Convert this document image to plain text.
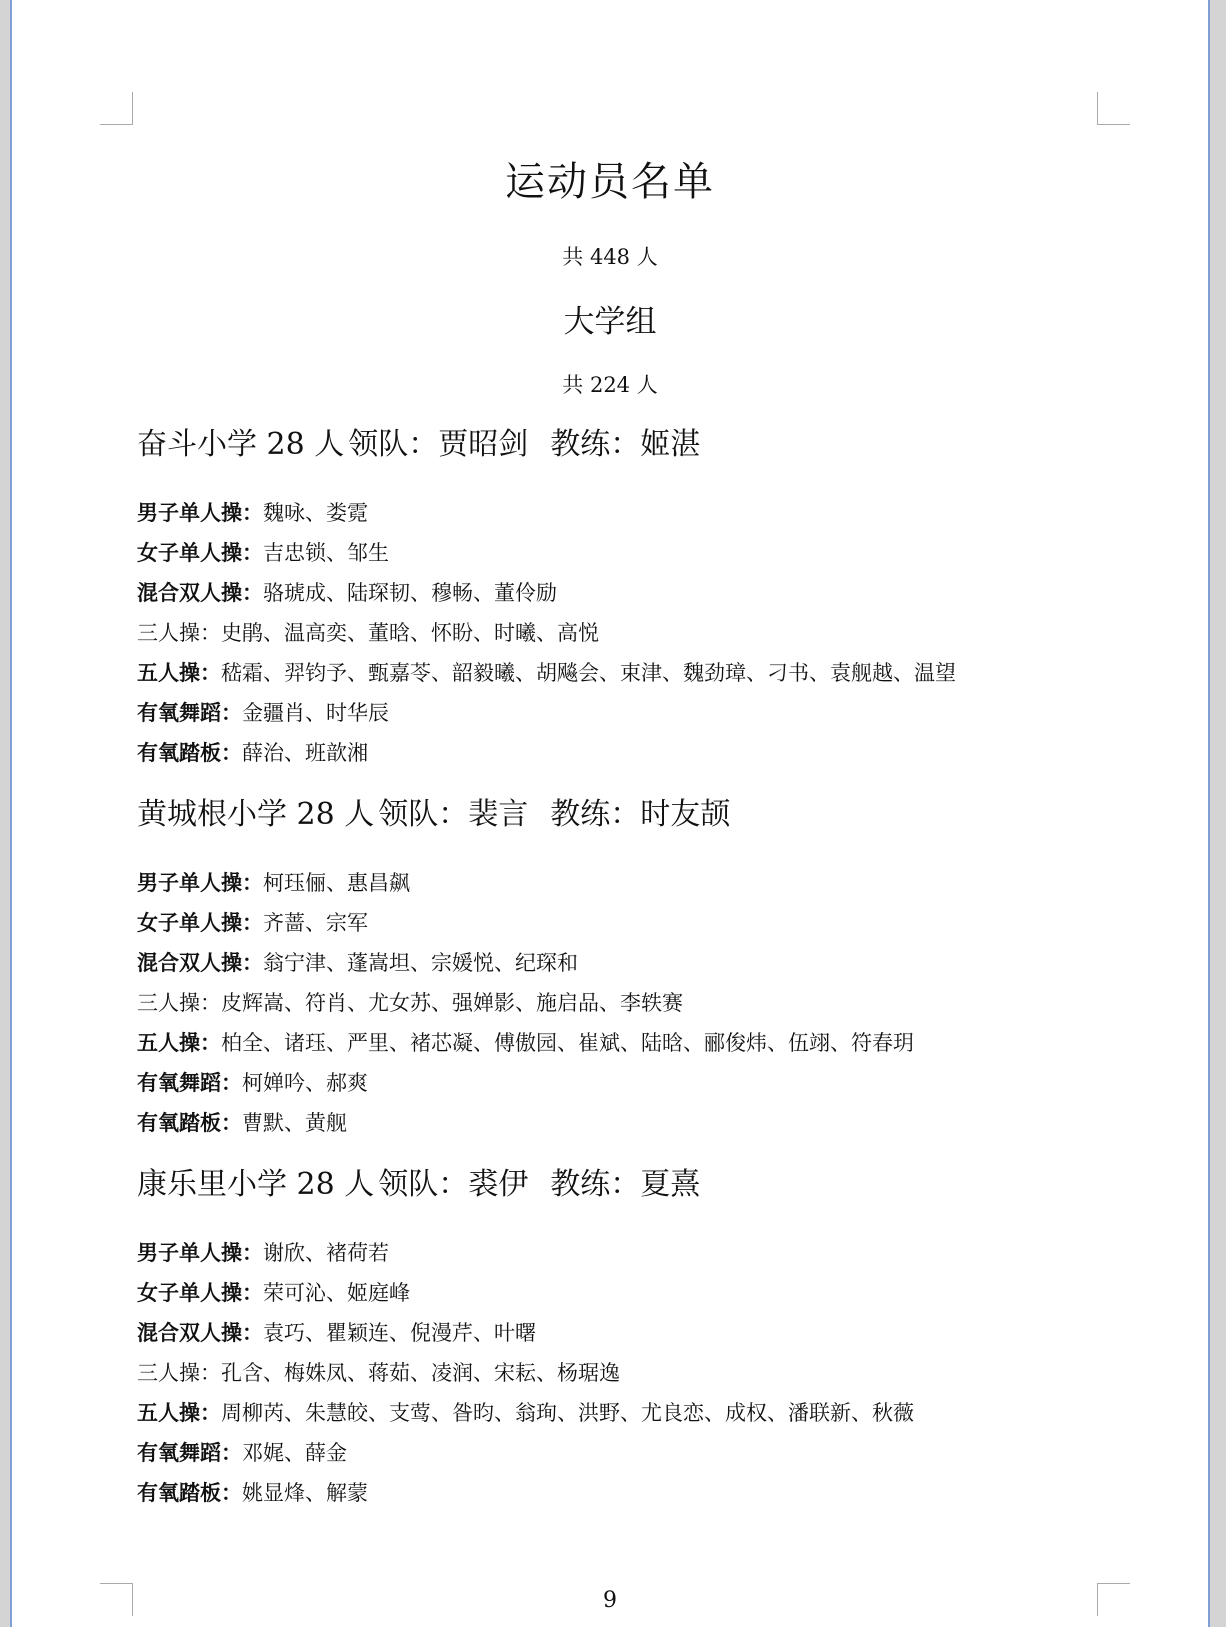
运动员名单
共 448 人
大学组
共 224 人
奋斗小学 28 人 领队：贾昭剑 教练：姬湛
男子单人操：魏咏、娄霓
女子单人操：吉忠锁、邹生
混合双人操：骆琥成、陆琛韧、穆畅、董伶励
三人操：史鹃、温高奕、董晗、怀盼、时曦、高悦
五人操：嵇霜、羿钧予、甄嘉苓、韶毅曦、胡飚会、束津、魏劲璋、刁书、袁舰越、温望
有氧舞蹈：金疆肖、时华辰
有氧踏板：薛治、班歆湘
黄城根小学 28 人 领队：裴言 教练：时友颉
男子单人操：柯珏俪、惠昌飙
女子单人操：齐蔷、宗军
混合双人操：翁宁津、蓬嵩坦、宗媛悦、纪琛和
三人操：皮辉嵩、符肖、尤女苏、强婵影、施启品、李轶赛
五人操：柏全、诸珏、严里、褚芯凝、傅傲园、崔斌、陆晗、郦俊炜、伍翊、符春玥
有氧舞蹈：柯婵吟、郝爽
有氧踏板：曹默、黄舰
康乐里小学 28 人 领队：裘伊 教练：夏熹
男子单人操：谢欣、褚荷若
女子单人操：荣可沁、姬庭峰
混合双人操：袁巧、瞿颖连、倪漫芹、叶曙
三人操：孔含、梅姝凤、蒋茹、凌润、宋耘、杨琚逸
五人操：周柳芮、朱慧皎、支莺、昝昀、翁珣、洪野、尤良恋、成权、潘联新、秋薇
有氧舞蹈：邓娓、薛金
有氧踏板：姚显烽、解蒙
9
